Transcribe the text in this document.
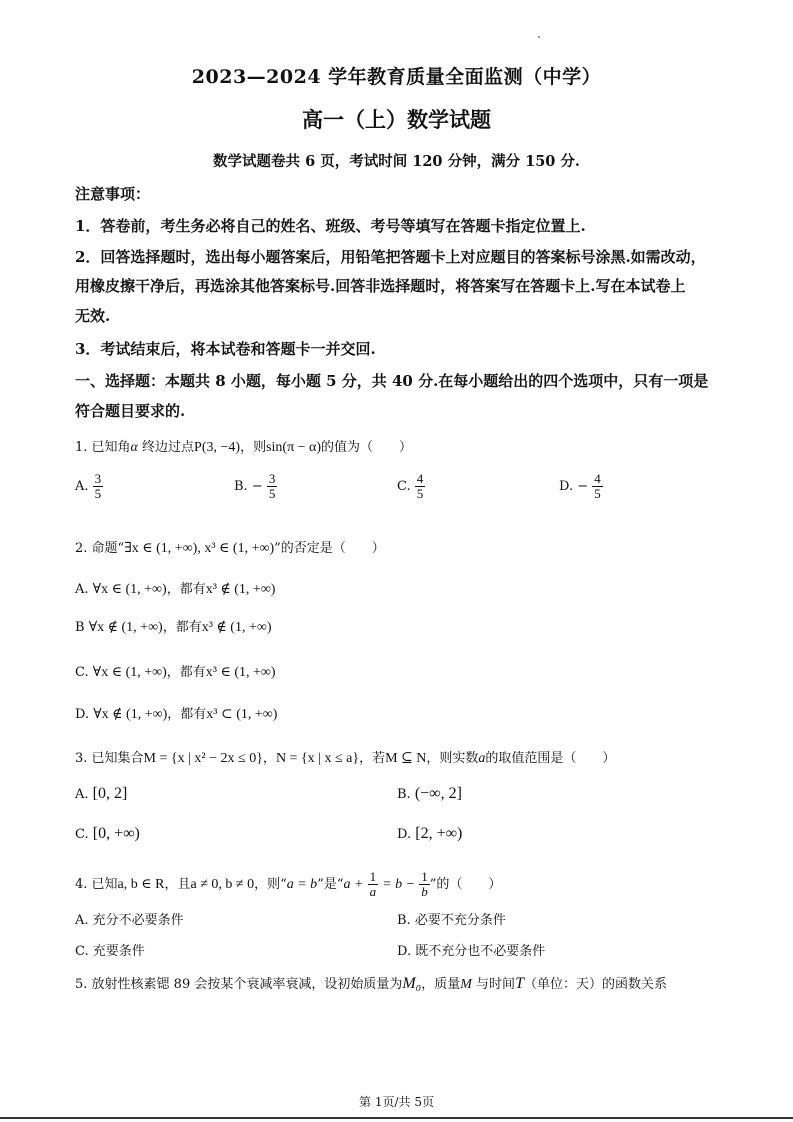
2023—2024 学年教育质量全面监测（中学）
高一（上）数学试题
数学试题卷共 6 页，考试时间 120 分钟，满分 150 分.
注意事项：
1．答卷前，考生务必将自己的姓名、班级、考号等填写在答题卡指定位置上.
2．回答选择题时，选出每小题答案后，用铅笔把答题卡上对应题目的答案标号涂黑.如需改动，
用橡皮擦干净后，再选涂其他答案标号.回答非选择题时，将答案写在答题卡上.写在本试卷上
无效.
3．考试结束后，将本试卷和答题卡一并交回.
一、选择题：本题共 8 小题，每小题 5 分，共 40 分.在每小题给出的四个选项中，只有一项是
符合题目要求的.
1. 已知角α 终边过点P(3, −4)，则sin(π − α)的值为（　　）
A. $\frac{3}{5}$	B. − $\frac{3}{5}$	C. $\frac{4}{5}$	D. − $\frac{4}{5}$
2. 命题“∃x ∈ (1, +∞), x³ ∈ (1, +∞)”的否定是（　　）
A. ∀x ∈ (1, +∞)，都有x³ ∉ (1, +∞)
B ∀x ∉ (1, +∞)，都有x³ ∉ (1, +∞)
C. ∀x ∈ (1, +∞)，都有x³ ∈ (1, +∞)
D. ∀x ∉ (1, +∞)，都有x³ ⊂ (1, +∞)
3. 已知集合M = {x | x² − 2x ≤ 0}，N = {x | x ≤ a}，若M ⊆ N，则实数a的取值范围是（　　）
A. [0, 2]	B. (−∞, 2]
C. [0, +∞)	D. [2, +∞)
4. 已知a, b ∈ R，且a ≠ 0, b ≠ 0，则“a = b”是“$a + \frac{1}{a} = b - \frac{1}{b}$ ”的（　　）
A. 充分不必要条件	B. 必要不充分条件
C. 充要条件	D. 既不充分也不必要条件
5. 放射性核素锶 89 会按某个衰减率衰减，设初始质量为M₀，质量M 与时间T（单位：天）的函数关系
第 1页/共 5页
